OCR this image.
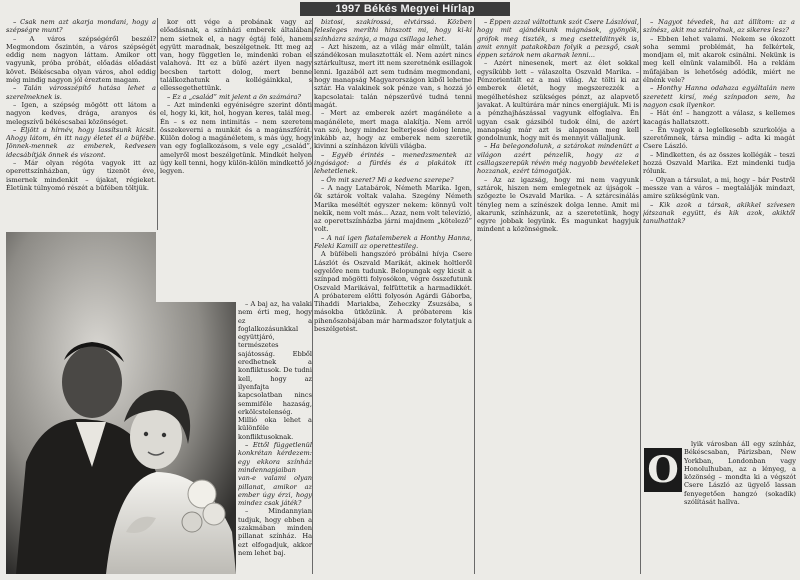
1997 Békés Megyei Hírlap

– Csak nem azt akarja mondani, hogy a szépségre munt?

– A város szépségéről beszél? Megmondom őszintén, a város szépségét eddig nem nagyon láttam. Amikor ott vagyunk, próba próbát, előadás előadást követ. Békéscsaba olyan város, ahol eddig még mindig nagyon jól éreztem magam.

– Talán városszépítő hatása lehet a szerelmeknek is.

– Igen, a szépség mögött ott látom a nagyon kedves, drága, aranyos és melegszívű békéscsabai közönséget.

– Eljött a hírnév, hogy lassítsunk kicsit. Ahogy látom, én itt nagy életet él a büfébe. Jönnek-mennek az emberek, kedvesen idecsábítják önnek és viszont.

– Már olyan régóta vagyok itt az operettszínházban, úgy tizenöt éve, ismernek mindenkit – újakat, régieket. Életünk túlnyomó részét a büfében töltjük.

kor ott vége a probának vagy az előadásnak, a színházi emberek általában nem sietnek el, a nagy égtáj felé, hanem együtt maradnak, beszélgetnek. Itt meg az van, hogy független le, mindenki roban el valahová. Itt ez a büfé azért ilyen nagy becsben tartott dolog, mert benne találkozhatunk a kollégáinkkal, s ellessegethettünk.

– Ez a „család” mit jelent a ön számára?

– Azt mindenki egyéniségre szerint dönti el, hogy ki, kit, hol, hogyan keres, talál meg. Én – s ez nem intimitás – nem szeretem összekeverni a munkát és a magánszférát. Külön dolog a magánéletem, s más úgy, hogy van egy foglalkozásom, s vele egy „család”, amelyről most beszélgetünk. Mindkét helyen úgy kell tenni, hogy külön-külön mindkettő jó legyen.

biztosi, szakírossá, elvtárssá. Közben felesleges meríthi hinszott mi, hogy ki-ki színházra szánja, a maga csillaga lehet.

– Azt hiszem, az a világ már elmúlt, talán szándékosan mulasztották el. Nem azért nincs sztárkultusz, mert itt nem szeretnénk esillagok lenni. Igazából azt sem tudnám megmondani, hogy manapság Magyarországon kiből lehetne sztár. Ha valakinek sok pénze van, s hozzá jó kapcsolatai: talán népszerűvé tudná tenni magát.

– Mert az emberek azért magánélete a magánélete, mert maga alakítja. Nem arról van szó, hogy mindez belterjessé dolog lenne, inkább az, hogy az emberek nem szeretik kivinni a színházon kívüli világba.

– Egyéb érintés – menedzsmentek az ingóságot: a fürdés és a plakátok itt lehetetlenek.

– Ön mit szeret? Mi a kedvenc szerepe?

– A nagy Latabárok, Németh Marika. Igen, ők sztárok voltak valaha. Szegény Németh Marika meséltét egyszer nekem: könnyű volt nekik, nem volt más... Azaz, nem volt televízió, az operettszínházba járni majdnem „kötelező” volt.

– A nai igen fiatalemberek a Honthy Hanna, Feleki Kamill az operettestileg.

A büfébeli hangszóró próbálni hívja Csere Lászlót és Oszvald Marikát, akinek holtleről egyelőre nem tudunk. Belopungak egy kicsit a színpad mögötti folyosókon, végre összefutunk Oszvald Marikával, felfüttetik a harmadikkét. A próbaterem előtti folyosón Agárdi Gáborba, Tihaddi Mariakba, Zeheczky Zsuzsába, s másokba ütközünk. A próbaterem kis pihenőszobájában már harmadszor folytatjuk a beszélgetést.

– Éppen azzal váltottunk szót Csere Lászlóval, hogy mit ajándékunk mágnások, gyönyök, grófok meg tiszték, s meg csettelditnyék is, amit ennyit patakokban folyik a pezsgő, csak éppen sztárok nem akarnak lenni...

– Azért ninesenek, mert az élet sokkal egysíkúbb lett – válaszolta Oszvald Marika. – Pénzorientált ez a mai világ. Az tölti ki az emberek életét, hogy megszerezzék a megélhetéshez szükséges pénzt, az alapvető javakat. A kultúrára már nincs energiájuk. Mi is a pénzhajhászással vagyunk elfoglalva. Én ugyan csak gázsiból tudok élni, de azért manapság már azt is alaposan meg kell gondolnunk, hogy mit és mennyit vállaljunk.

– Ha belegondolunk, a sztárokat mindenütt a világon azért pénzelik, hogy az a csillagszerepük révén még nagyobb bevételeket hozzanak, ezért támogatják.

– Az az igazság, hogy mi nem vagyunk sztárok, hiszen nem emlegetnek az újságok – szögezte le Oszvald Marika. – A sztárcsinálás tényleg nem a színészek dolga lenne. Amit mi akarunk, színházunk, az a szeretetünk, hogy egyre jobbak legyünk. És magunkat hagyjuk mindent a közönségnek.

– Nagyot tévedek, ha azt állítom: az a színész, akit ma sztárolnak, az sikeres lesz?

– Ebben lehet valami. Nekem se ókozott soha semmi problémát, ha felkértek, mondjam el, mit akarok csinálni. Nekünk is meg kell elnünk valamiből. Ha a reklám műfajában is lehetőség adódik, miért ne élnénk vele?

– Honthy Hanna odahaza egyáltalán nem szeretett kirsí, még színpadon sem, ha nagyon csak ilyenkor.

– Hát én! – hangzott a válasz, s kellemes kacagás hallatszott.

– Én vagyok a leglelkesebb szurkolója a szeretőmnek, társa mindig – adta ki magát Csere László.

– Mindketten, és az összes kollégák – teszi hozzá Oszvald Marika. Ezt mindenki tudja rólunk.

– Olyan a társulat, a mi, hogy – bár Pestről messze van a város – megtalálják mindazt, amire szükségünk van.

– Kik azok a társak, akikkel szívesen játszanak együtt, és kik azok, akiktől tanulhattak?

– A baj az, ha valaki nem érti meg, hogy ez a foglalkozásunkkal együttjáró, természetes sajátosság. Ebből eredhetnek a konfliktusok. De tudni kell, hogy az ilyenfajta kapcsolatban nincs semmiféle hazaság, erkölcstelenség. Millió oka lehet a különféle konfliktusoknak.

– Ettől függetlenül konkrétan kérdezem: egy ekkora színház mindennapjaiban van-e valami olyan pillanat, amikor az ember úgy érzi, hogy mindez csak játék?

– Mindannyian tudjuk, hogy ebben a szakmában minden pillanat színház. Ha ezt elfogadjuk, akkor nem lehet baj.

O

lyik városban áll egy színház, Békéscsaban, Párizsban, New Yorkban, Londonban vagy Honolulhuban, az a lényeg, a közönség – mondta ki a végszót Csere László az ügyelő lassan fenyegetően hangzó (sokadik) szólítását hallva.
